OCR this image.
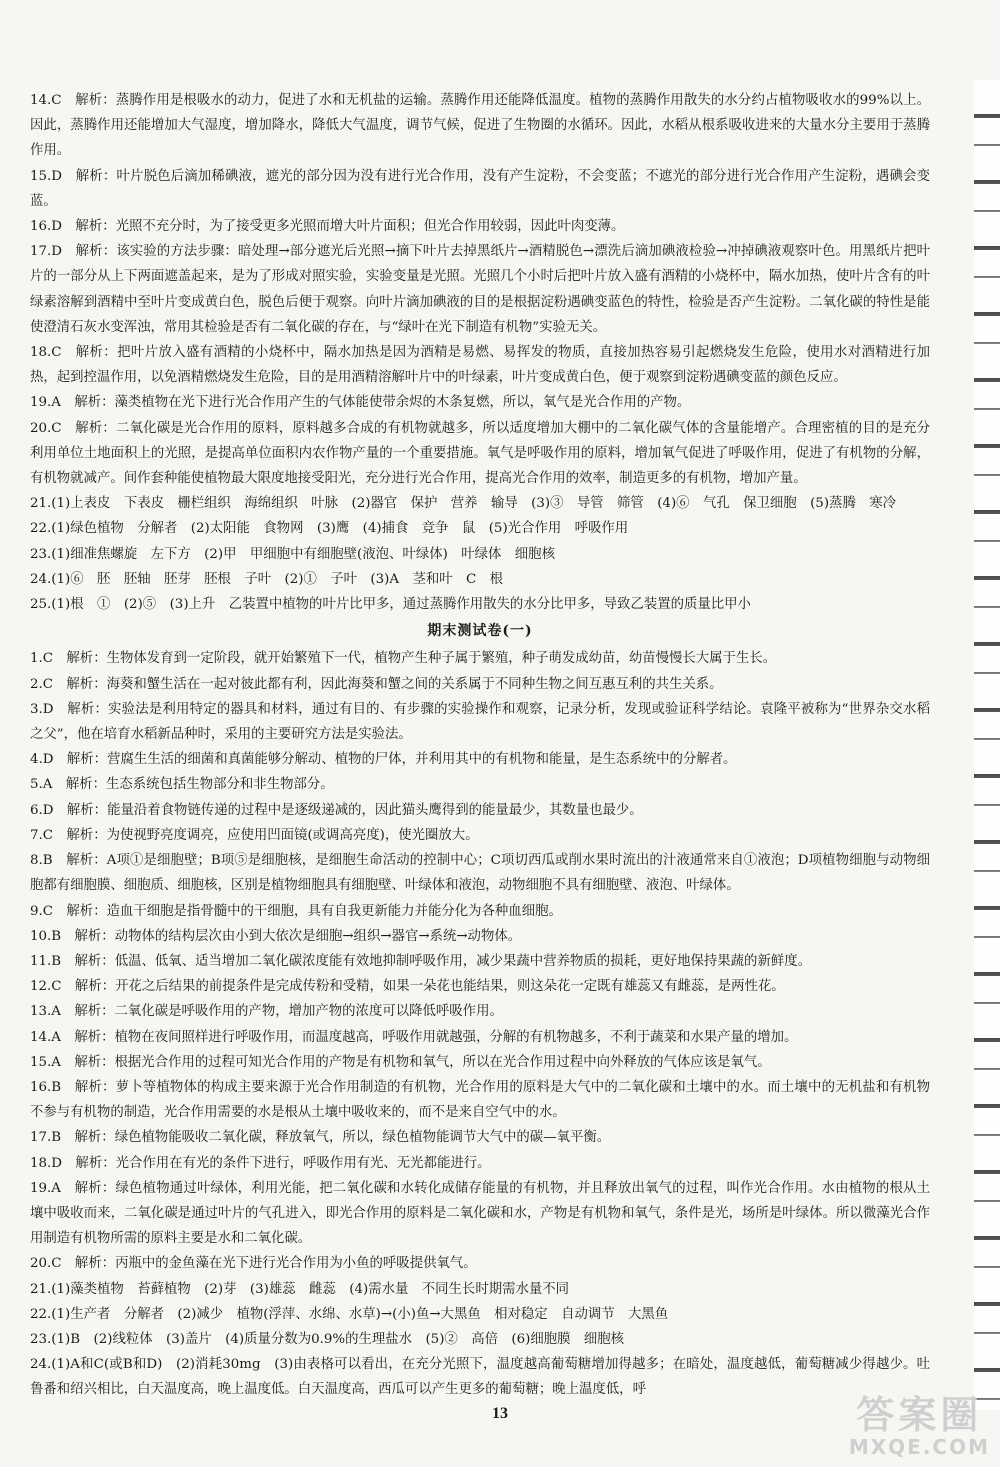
14.C　解析：蒸腾作用是根吸水的动力，促进了水和无机盐的运输。蒸腾作用还能降低温度。植物的蒸腾作用散失的水分约占植物吸收水的99%以上。因此，蒸腾作用还能增加大气湿度，增加降水，降低大气温度，调节气候，促进了生物圈的水循环。因此，水稻从根系吸收进来的大量水分主要用于蒸腾作用。

15.D　解析：叶片脱色后滴加稀碘液，遮光的部分因为没有进行光合作用，没有产生淀粉，不会变蓝；不遮光的部分进行光合作用产生淀粉，遇碘会变蓝。

16.D　解析：光照不充分时，为了接受更多光照而增大叶片面积；但光合作用较弱，因此叶肉变薄。

17.D　解析：该实验的方法步骤：暗处理→部分遮光后光照→摘下叶片去掉黑纸片→酒精脱色→漂洗后滴加碘液检验→冲掉碘液观察叶色。用黑纸片把叶片的一部分从上下两面遮盖起来，是为了形成对照实验，实验变量是光照。光照几个小时后把叶片放入盛有酒精的小烧杯中，隔水加热，使叶片含有的叶绿素溶解到酒精中至叶片变成黄白色，脱色后便于观察。向叶片滴加碘液的目的是根据淀粉遇碘变蓝色的特性，检验是否产生淀粉。二氧化碳的特性是能使澄清石灰水变浑浊，常用其检验是否有二氧化碳的存在，与“绿叶在光下制造有机物”实验无关。

18.C　解析：把叶片放入盛有酒精的小烧杯中，隔水加热是因为酒精是易燃、易挥发的物质，直接加热容易引起燃烧发生危险，使用水对酒精进行加热，起到控温作用，以免酒精燃烧发生危险，目的是用酒精溶解叶片中的叶绿素，叶片变成黄白色，便于观察到淀粉遇碘变蓝的颜色反应。

19.A　解析：藻类植物在光下进行光合作用产生的气体能使带余烬的木条复燃，所以，氧气是光合作用的产物。

20.C　解析：二氧化碳是光合作用的原料，原料越多合成的有机物就越多，所以适度增加大棚中的二氧化碳气体的含量能增产。合理密植的目的是充分利用单位土地面积上的光照，是提高单位面积内农作物产量的一个重要措施。氧气是呼吸作用的原料，增加氧气促进了呼吸作用，促进了有机物的分解，有机物就减产。间作套种能使植物最大限度地接受阳光，充分进行光合作用，提高光合作用的效率，制造更多的有机物，增加产量。

21.(1)上表皮　下表皮　栅栏组织　海绵组织　叶脉　(2)器官　保护　营养　输导　(3)③　导管　筛管　(4)⑥　气孔　保卫细胞　(5)蒸腾　寒冷

22.(1)绿色植物　分解者　(2)太阳能　食物网　(3)鹰　(4)捕食　竞争　鼠　(5)光合作用　呼吸作用

23.(1)细准焦螺旋　左下方　(2)甲　甲细胞中有细胞壁(液泡、叶绿体)　叶绿体　细胞核

24.(1)⑥　胚　胚轴　胚芽　胚根　子叶　(2)①　子叶　(3)A　茎和叶　C　根

25.(1)根　①　(2)⑤　(3)上升　乙装置中植物的叶片比甲多，通过蒸腾作用散失的水分比甲多，导致乙装置的质量比甲小

期末测试卷(一)

1.C　解析：生物体发育到一定阶段，就开始繁殖下一代，植物产生种子属于繁殖，种子萌发成幼苗，幼苗慢慢长大属于生长。

2.C　解析：海葵和蟹生活在一起对彼此都有利，因此海葵和蟹之间的关系属于不同种生物之间互惠互利的共生关系。

3.D　解析：实验法是利用特定的器具和材料，通过有目的、有步骤的实验操作和观察，记录分析，发现或验证科学结论。袁隆平被称为“世界杂交水稻之父”，他在培育水稻新品种时，采用的主要研究方法是实验法。

4.D　解析：营腐生生活的细菌和真菌能够分解动、植物的尸体，并利用其中的有机物和能量，是生态系统中的分解者。

5.A　解析：生态系统包括生物部分和非生物部分。

6.D　解析：能量沿着食物链传递的过程中是逐级递减的，因此猫头鹰得到的能量最少，其数量也最少。

7.C　解析：为使视野亮度调亮，应使用凹面镜(或调高亮度)，使光圈放大。

8.B　解析：A项①是细胞壁；B项⑤是细胞核，是细胞生命活动的控制中心；C项切西瓜或削水果时流出的汁液通常来自①液泡；D项植物细胞与动物细胞都有细胞膜、细胞质、细胞核，区别是植物细胞具有细胞壁、叶绿体和液泡，动物细胞不具有细胞壁、液泡、叶绿体。

9.C　解析：造血干细胞是指骨髓中的干细胞，具有自我更新能力并能分化为各种血细胞。

10.B　解析：动物体的结构层次由小到大依次是细胞→组织→器官→系统→动物体。

11.B　解析：低温、低氧、适当增加二氧化碳浓度能有效地抑制呼吸作用，减少果蔬中营养物质的损耗，更好地保持果蔬的新鲜度。

12.C　解析：开花之后结果的前提条件是完成传粉和受精，如果一朵花也能结果，则这朵花一定既有雄蕊又有雌蕊，是两性花。

13.A　解析：二氧化碳是呼吸作用的产物，增加产物的浓度可以降低呼吸作用。

14.A　解析：植物在夜间照样进行呼吸作用，而温度越高，呼吸作用就越强，分解的有机物越多，不利于蔬菜和水果产量的增加。

15.A　解析：根据光合作用的过程可知光合作用的产物是有机物和氧气，所以在光合作用过程中向外释放的气体应该是氧气。

16.B　解析：萝卜等植物体的构成主要来源于光合作用制造的有机物，光合作用的原料是大气中的二氧化碳和土壤中的水。而土壤中的无机盐和有机物不参与有机物的制造，光合作用需要的水是根从土壤中吸收来的，而不是来自空气中的水。

17.B　解析：绿色植物能吸收二氧化碳，释放氧气，所以，绿色植物能调节大气中的碳—氧平衡。

18.D　解析：光合作用在有光的条件下进行，呼吸作用有光、无光都能进行。

19.A　解析：绿色植物通过叶绿体，利用光能，把二氧化碳和水转化成储存能量的有机物，并且释放出氧气的过程，叫作光合作用。水由植物的根从土壤中吸收而来，二氧化碳是通过叶片的气孔进入，即光合作用的原料是二氧化碳和水，产物是有机物和氧气，条件是光，场所是叶绿体。所以微藻光合作用制造有机物所需的原料主要是水和二氧化碳。

20.C　解析：丙瓶中的金鱼藻在光下进行光合作用为小鱼的呼吸提供氧气。

21.(1)藻类植物　苔藓植物　(2)芽　(3)雄蕊　雌蕊　(4)需水量　不同生长时期需水量不同

22.(1)生产者　分解者　(2)减少　植物(浮萍、水绵、水草)→(小)鱼→大黑鱼　相对稳定　自动调节　大黑鱼

23.(1)B　(2)线粒体　(3)盖片　(4)质量分数为0.9%的生理盐水　(5)②　高倍　(6)细胞膜　细胞核

24.(1)A和C(或B和D)　(2)消耗30mg　(3)由表格可以看出，在充分光照下，温度越高葡萄糖增加得越多；在暗处，温度越低，葡萄糖减少得越少。吐鲁番和绍兴相比，白天温度高，晚上温度低。白天温度高，西瓜可以产生更多的葡萄糖；晚上温度低，呼

13	答案圈
MXQE.COM
